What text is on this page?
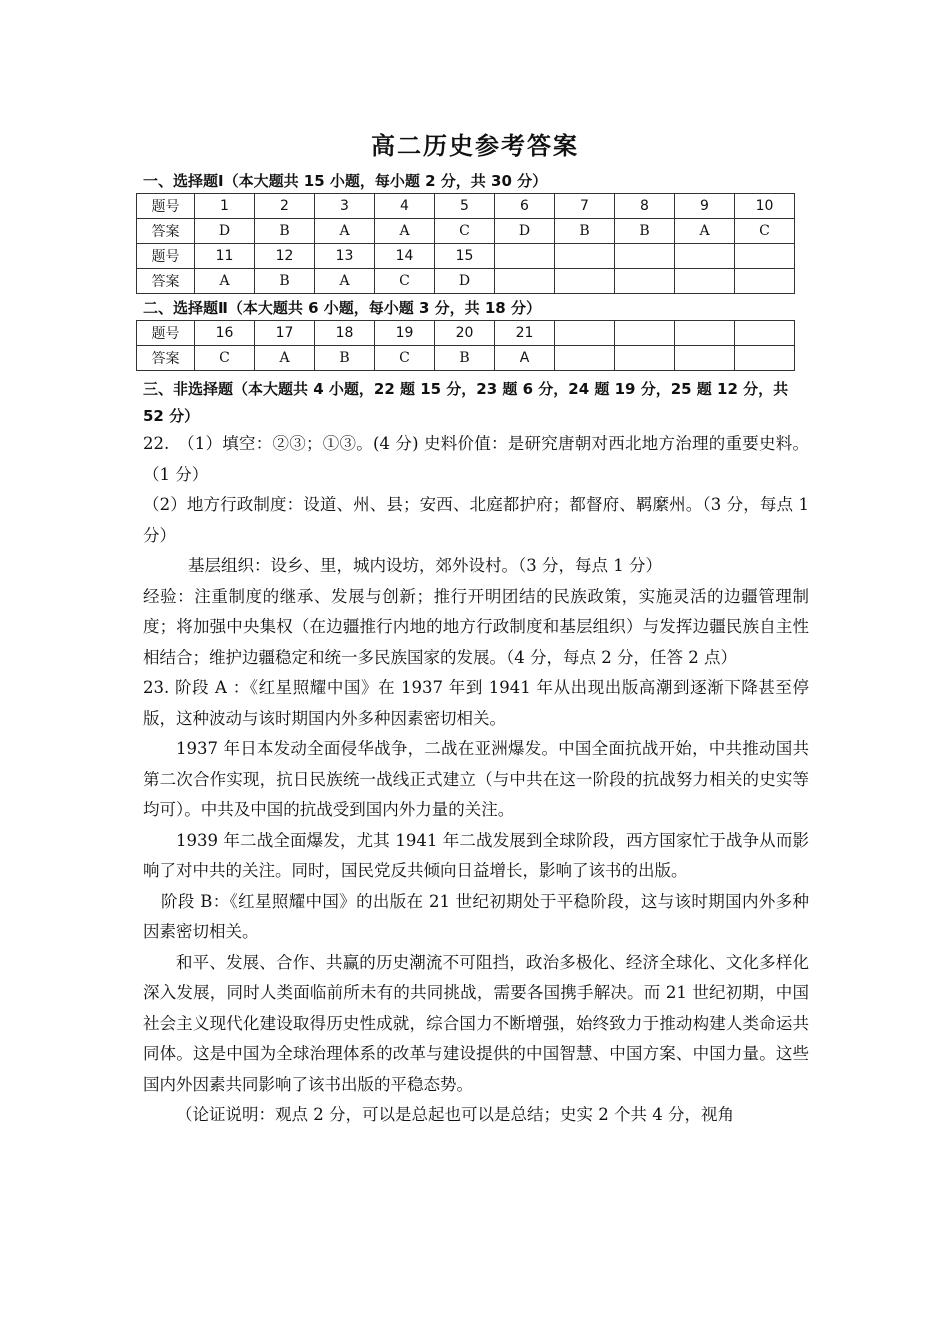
高二历史参考答案
一、选择题Ⅰ（本大题共 15 小题，每小题 2 分，共 30 分）
题号	1	2	3	4	5	6	7	8	9	10
答案	D	B	A	A	C	D	B	B	A	C
题号	11	12	13	14	15					
答案	A	B	A	C	D					
二、选择题Ⅱ（本大题共 6 小题，每小题 3 分，共 18 分）
题号	16	17	18	19	20	21				
答案	C	A	B	C	B	A				
三、非选择题（本大题共 4 小题，22 题 15 分，23 题 6 分，24 题 19 分，25 题 12 分，共 52 分）

22.　（1）填空：②③；①③。(4 分) 史料价值：是研究唐朝对西北地方治理的重要史料。（1 分）

（2）地方行政制度：设道、州、县；安西、北庭都护府；都督府、羁縻州。（3 分，每点 1 分）

基层组织：设乡、里，城内设坊，郊外设村。（3 分，每点 1 分）

经验：注重制度的继承、发展与创新；推行开明团结的民族政策，实施灵活的边疆管理制度；将加强中央集权（在边疆推行内地的地方行政制度和基层组织）与发挥边疆民族自主性相结合；维护边疆稳定和统一多民族国家的发展。（4 分，每点 2 分，任答 2 点）

23. 阶段 A ：《红星照耀中国》在 1937 年到 1941 年从出现出版高潮到逐渐下降甚至停版，这种波动与该时期国内外多种因素密切相关。

1937 年日本发动全面侵华战争，二战在亚洲爆发。中国全面抗战开始，中共推动国共第二次合作实现，抗日民族统一战线正式建立（与中共在这一阶段的抗战努力相关的史实等均可）。中共及中国的抗战受到国内外力量的关注。

1939 年二战全面爆发，尤其 1941 年二战发展到全球阶段，西方国家忙于战争从而影响了对中共的关注。同时，国民党反共倾向日益增长，影响了该书的出版。

阶段 B：《红星照耀中国》的出版在 21 世纪初期处于平稳阶段，这与该时期国内外多种因素密切相关。

和平、发展、合作、共赢的历史潮流不可阻挡，政治多极化、经济全球化、文化多样化深入发展，同时人类面临前所未有的共同挑战，需要各国携手解决。而 21 世纪初期，中国社会主义现代化建设取得历史性成就，综合国力不断增强，始终致力于推动构建人类命运共同体。这是中国为全球治理体系的改革与建设提供的中国智慧、中国方案、中国力量。这些国内外因素共同影响了该书出版的平稳态势。

（论证说明：观点 2 分，可以是总起也可以是总结；史实 2 个共 4 分，视角
